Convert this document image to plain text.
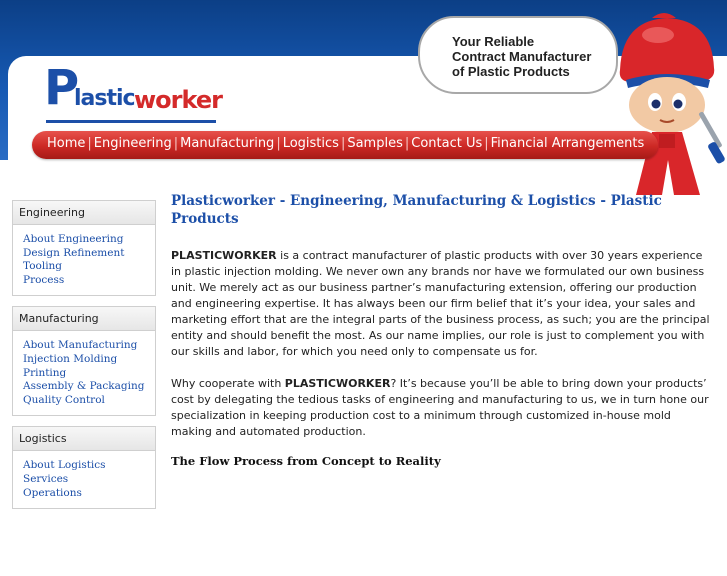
P
lastic worker
Your Reliable
Contract Manufacturer
of Plastic Products
Home | Engineering | Manufacturing | Logistics | Samples | Contact Us | Financial Arrangements
Engineering
About Engineering
Design Refinement
Tooling
Process
Manufacturing
About Manufacturing
Injection Molding
Printing
Assembly & Packaging
Quality Control
Logistics
About Logistics
Services
Operations
Plasticworker - Engineering, Manufacturing & Logistics - Plastic Products

PLASTICWORKER is a contract manufacturer of plastic products with over 30 years experience in plastic injection molding. We never own any brands nor have we formulated our own business unit. We merely act as our business partner’s manufacturing extension, offering our production and engineering expertise. It has always been our firm belief that it’s your idea, your sales and marketing effort that are the integral parts of the business process, as such; you are the principal entity and should benefit the most. As our name implies, our role is just to complement you with our skills and labor, for which you need only to compensate us for.

Why cooperate with PLASTICWORKER? It’s because you’ll be able to bring down your products’ cost by delegating the tedious tasks of engineering and manufacturing to us, we in turn hone our specialization in keeping production cost to a minimum through customized in-house mold making and automated production.

The Flow Process from Concept to Reality
